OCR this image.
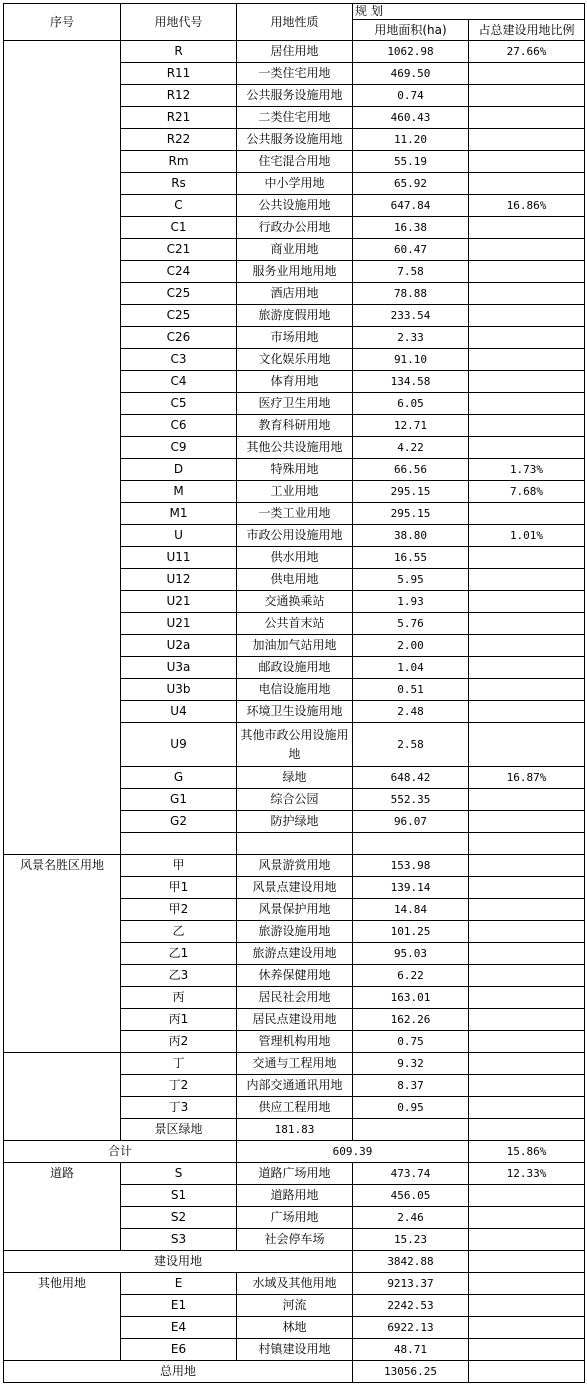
序号	用地代号	用地性质	规 划	
			用地面积(ha)	占总建设用地比例
	R	居住用地	1062.98	27.66%
	R11	一类住宅用地	469.50	
	R12	公共服务设施用地	0.74	
	R21	二类住宅用地	460.43	
	R22	公共服务设施用地	11.20	
	Rm	住宅混合用地	55.19	
	Rs	中小学用地	65.92	
	C	公共设施用地	647.84	16.86%
	C1	行政办公用地	16.38	
	C21	商业用地	60.47	
	C24	服务业用地用地	7.58	
	C25	酒店用地	78.88	
	C25	旅游度假用地	233.54	
	C26	市场用地	2.33	
	C3	文化娱乐用地	91.10	
	C4	体育用地	134.58	
	C5	医疗卫生用地	6.05	
	C6	教育科研用地	12.71	
	C9	其他公共设施用地	4.22	
	D	特殊用地	66.56	1.73%
	M	工业用地	295.15	7.68%
	M1	一类工业用地	295.15	
	U	市政公用设施用地	38.80	1.01%
	U11	供水用地	16.55	
	U12	供电用地	5.95	
	U21	交通换乘站	1.93	
	U21	公共首末站	5.76	
	U2a	加油加气站用地	2.00	
	U3a	邮政设施用地	1.04	
	U3b	电信设施用地	0.51	
	U4	环境卫生设施用地	2.48	
	U9	其他市政公用设施用地	2.58	
	G	绿地	648.42	16.87%
	G1	综合公园	552.35	
	G2	防护绿地	96.07	

风景名胜区用地	甲	风景游赏用地	153.98	
	甲1	风景点建设用地	139.14	
	甲2	风景保护用地	14.84	
	乙	旅游设施用地	101.25	
	乙1	旅游点建设用地	95.03	
	乙3	休养保健用地	6.22	
	丙	居民社会用地	163.01	
	丙1	居民点建设用地	162.26	
	丙2	管理机构用地	0.75	
	丁	交通与工程用地	9.32	
	丁2	内部交通通讯用地	8.37	
	丁3	供应工程用地	0.95	
	景区绿地	181.83		
合计		609.39		15.86%
道路	S	道路广场用地	473.74	12.33%
	S1	道路用地	456.05	
	S2	广场用地	2.46	
	S3	社会停车场	15.23	
建设用地			3842.88	
其他用地	E	水域及其他用地	9213.37	
	E1	河流	2242.53	
	E4	林地	6922.13	
	E6	村镇建设用地	48.71	
总用地			13056.25	
